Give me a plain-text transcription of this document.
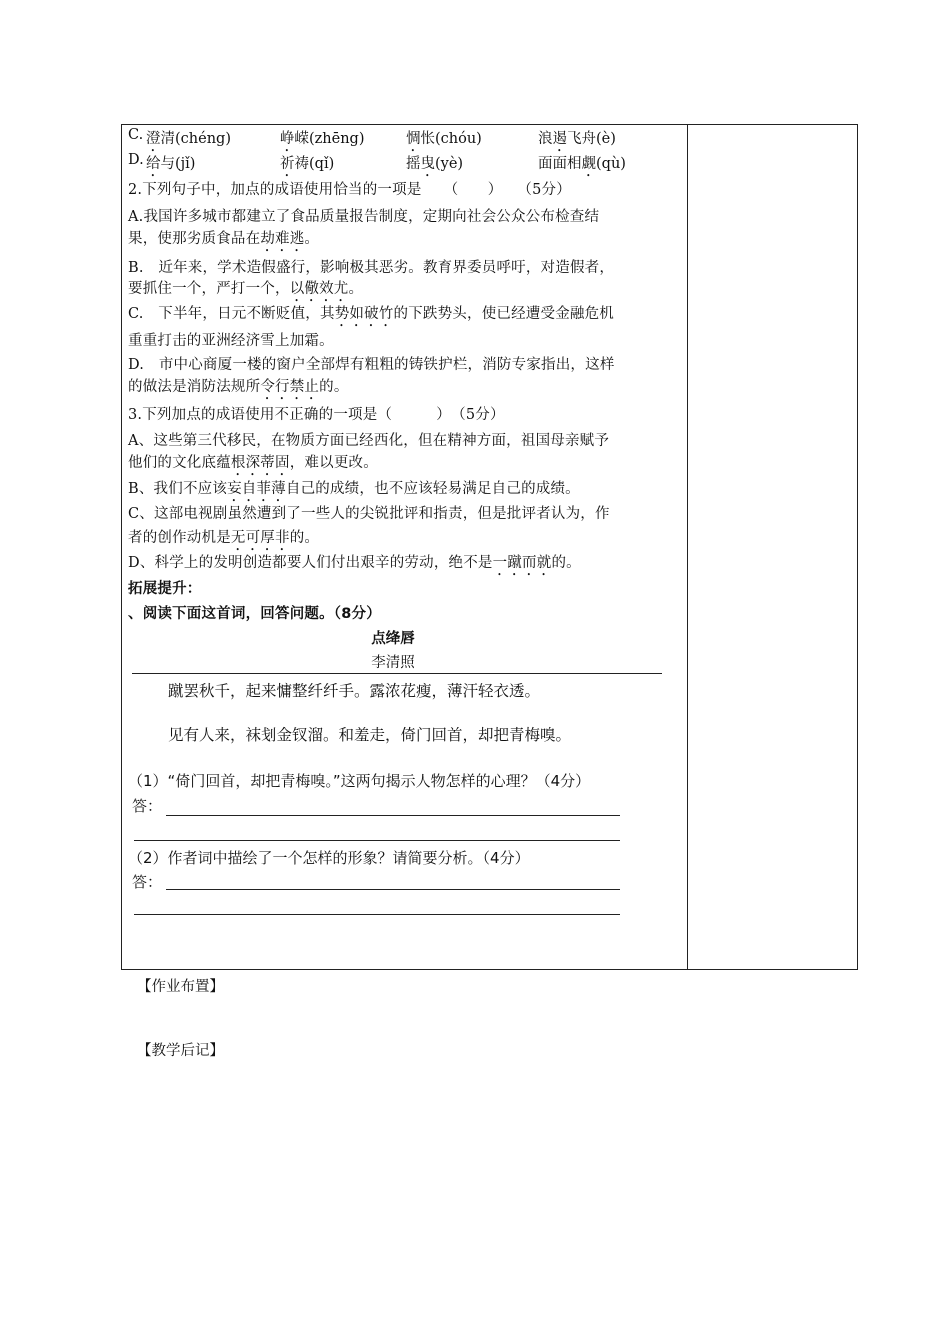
C. 澄清(chéng)	峥嵘(zhēng)	惆怅(chóu)	浪遏飞舟(è)
D. 给与(jǐ)	祈祷(qǐ)	摇曳(yè)	面面相觑(qù)
2.下列句子中，加点的成语使用恰当的一项是　　（　　）　　（5分）
A.我国许多城市都建立了食品质量报告制度，定期向社会公众公布检查结
果，使那劣质食品在劫难逃。
B.　近年来，学术造假盛行，影响极其恶劣。教育界委员呼吁，对造假者，
要抓住一个，严打一个，以儆效尤。
C.　下半年，日元不断贬值，其势如破竹的下跌势头，使已经遭受金融危机
重重打击的亚洲经济雪上加霜。
D.　市中心商厦一楼的窗户全部焊有粗粗的铸铁护栏，消防专家指出，这样
的做法是消防法规所令行禁止的。
3.下列加点的成语使用不正确的一项是（　　　）　（5分）
A、这些第三代移民，在物质方面已经西化，但在精神方面，祖国母亲赋予
他们的文化底蕴根深蒂固，难以更改。
B、我们不应该妄自菲薄自己的成绩，也不应该轻易满足自己的成绩。
C、这部电视剧虽然遭到了一些人的尖锐批评和指责，但是批评者认为，作
者的创作动机是无可厚非的。
D、科学上的发明创造都要人们付出艰辛的劳动，绝不是一蹴而就的。
拓展提升：
、阅读下面这首词，回答问题。（8分）
点绛唇
李清照
蹴罢秋千，起来慵整纤纤手。露浓花瘦，薄汗轻衣透。
见有人来，袜刬金钗溜。和羞走，倚门回首，却把青梅嗅。
（1）“倚门回首，却把青梅嗅。”这两句揭示人物怎样的心理？（4分）
答：
（2）作者词中描绘了一个怎样的形象？请简要分析。（4分）
答：
【作业布置】
【教学后记】
